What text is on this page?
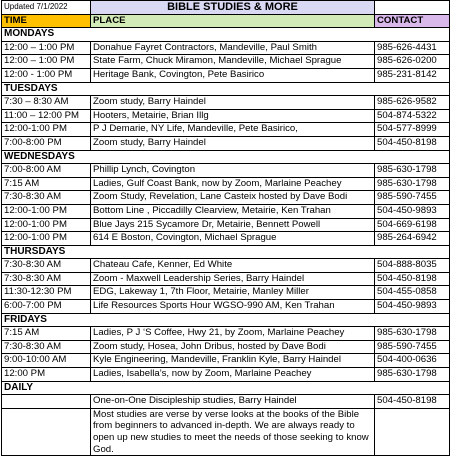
Updated 7/1/2022	BIBLE STUDIES & MORE	
TIME	PLACE	CONTACT
MONDAYS		
12:00 – 1:00 PM	Donahue Fayret Contractors, Mandeville, Paul Smith	985-626-4431
12:00 – 1:00 PM	State Farm, Chuck Miramon, Mandeville, Michael Sprague	985-626-0200
12:00 - 1:00 PM	Heritage Bank, Covington, Pete Basirico	985-231-8142
TUESDAYS		
7:30 – 8:30 AM	Zoom study, Barry Haindel	985-626-9582
11:00 – 12:00 PM	Hooters, Metairie, Brian Illg	504-874-5322
12:00-1:00 PM	P J Demarie, NY Life, Mandeville, Pete Basirico,	504-577-8999
7:00-8:00 PM	Zoom study, Barry Haindel	504-450-8198
WEDNESDAYS		
7:00-8:00 AM	Phillip Lynch, Covington	985-630-1798
7:15 AM	Ladies, Gulf Coast Bank, now by Zoom, Marlaine Peachey	985-630-1798
7:30-8:30 AM	Zoom Study, Revelation, Lane Casteix hosted by Dave Bodi	985-590-7455
12:00-1:00 PM	Bottom Line , Piccadilly Clearview, Metairie, Ken Trahan	504-450-9893
12:00-1:00 PM	Blue Jays 215 Sycamore Dr, Metairie, Bennett Powell	504-669-6198
12:00-1:00 PM	614 E Boston, Covington, Michael Sprague	985-264-6942
THURSDAYS		
7:30-8:30 AM	Chateau Cafe, Kenner, Ed White	504-888-8035
7:30-8:30 AM	Zoom - Maxwell Leadership Series, Barry Haindel	504-450-8198
11:30-12:30 PM	EDG, Lakeway 1, 7th Floor, Metairie, Manley Miller	504-455-0858
6:00-7:00 PM	Life Resources Sports Hour WGSO-990 AM, Ken Trahan	504-450-9893
FRIDAYS		
7:15 AM	Ladies, P J ‘S Coffee, Hwy 21, by Zoom, Marlaine Peachey	985-630-1798
7:30-8:30 AM	Zoom study, Hosea, John Dribus, hosted by Dave Bodi	985-590-7455
9:00-10:00 AM	Kyle Engineering, Mandeville, Franklin Kyle, Barry Haindel	504-400-0636
12:00 PM	Ladies, Isabella’s, now by Zoom, Marlaine Peachey	985-630-1798
DAILY		
	One-on-One Discipleship studies, Barry Haindel	504-450-8198
	Most studies are verse by verse looks at the books of the Bible from beginners to advanced in-depth. We are always ready to open up new studies to meet the needs of those seeking to know God.	
